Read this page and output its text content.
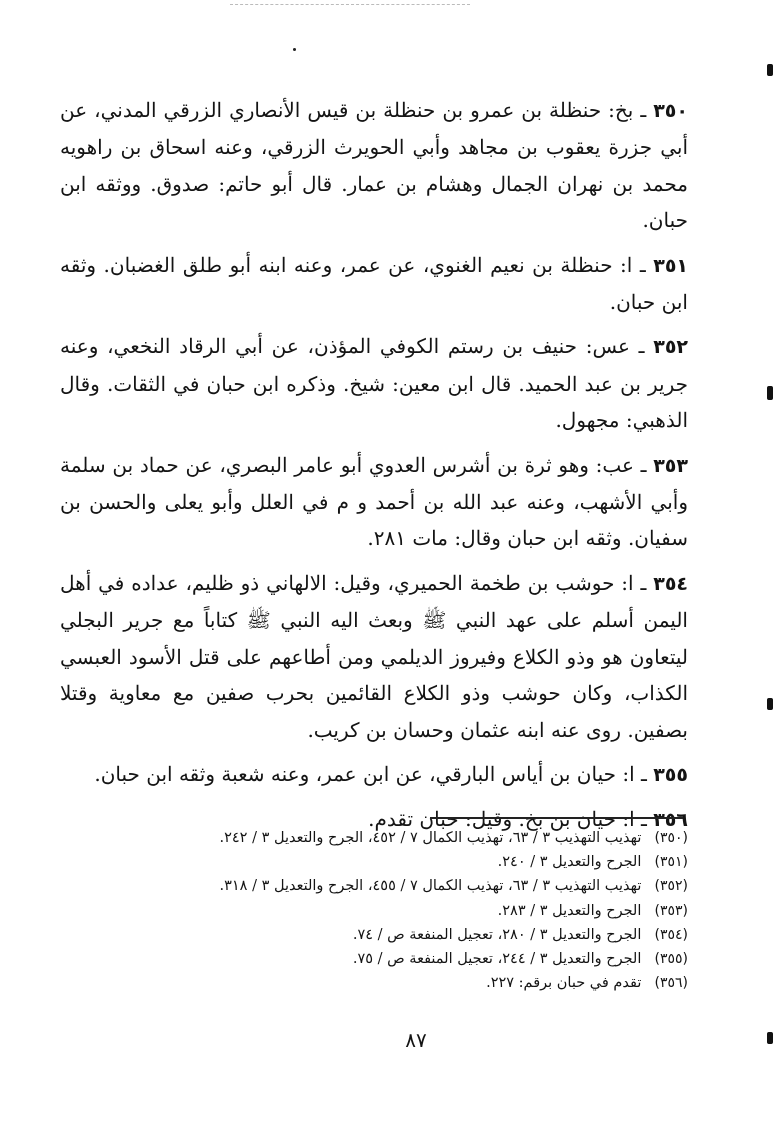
٣٥٠ ـ بخ: حنظلة بن عمرو بن حنظلة بن قيس الأنصاري الزرقي المدني، عن أبي جزرة يعقوب بن مجاهد وأبي الحويرث الزرقي، وعنه اسحاق بن راهويه محمد بن نهران الجمال وهشام بن عمار. قال أبو حاتم: صدوق. ووثقه ابن حبان.

٣٥١ ـ ا: حنظلة بن نعيم الغنوي، عن عمر، وعنه ابنه أبو طلق الغضبان. وثقه ابن حبان.

٣٥٢ ـ عس: حنيف بن رستم الكوفي المؤذن، عن أبي الرقاد النخعي، وعنه جرير بن عبد الحميد. قال ابن معين: شيخ. وذكره ابن حبان في الثقات. وقال الذهبي: مجهول.

٣٥٣ ـ عب: وهو ثرة بن أشرس العدوي أبو عامر البصري، عن حماد بن سلمة وأبي الأشهب، وعنه عبد الله بن أحمد و م في العلل وأبو يعلى والحسن بن سفيان. وثقه ابن حبان وقال: مات ٢٨١.

٣٥٤ ـ ا: حوشب بن طخمة الحميري، وقيل: الالهاني ذو ظليم، عداده في أهل اليمن أسلم على عهد النبي ﷺ وبعث اليه النبي ﷺ كتاباً مع جرير البجلي ليتعاون هو وذو الكلاع وفيروز الديلمي ومن أطاعهم على قتل الأسود العبسي الكذاب، وكان حوشب وذو الكلاع القائمين بحرب صفين مع معاوية وقتلا بصفين. روى عنه ابنه عثمان وحسان بن كريب.

٣٥٥ ـ ا: حيان بن أياس البارقي، عن ابن عمر، وعنه شعبة وثقه ابن حبان.

٣٥٦ ـ ا: حيان بن بخ. وقيل: حبان تقدم.

(٣٥٠) تهذيب التهذيب ٣ / ٦٣، تهذيب الكمال ٧ / ٤٥٢، الجرح والتعديل ٣ / ٢٤٢.
(٣٥١) الجرح والتعديل ٣ / ٢٤٠.
(٣٥٢) تهذيب التهذيب ٣ / ٦٣، تهذيب الكمال ٧ / ٤٥٥، الجرح والتعديل ٣ / ٣١٨.
(٣٥٣) الجرح والتعديل ٣ / ٢٨٣.
(٣٥٤) الجرح والتعديل ٣ / ٢٨٠، تعجيل المنفعة ص / ٧٤.
(٣٥٥) الجرح والتعديل ٣ / ٢٤٤، تعجيل المنفعة ص / ٧٥.
(٣٥٦) تقدم في حبان برقم: ٢٢٧.
٨٧
